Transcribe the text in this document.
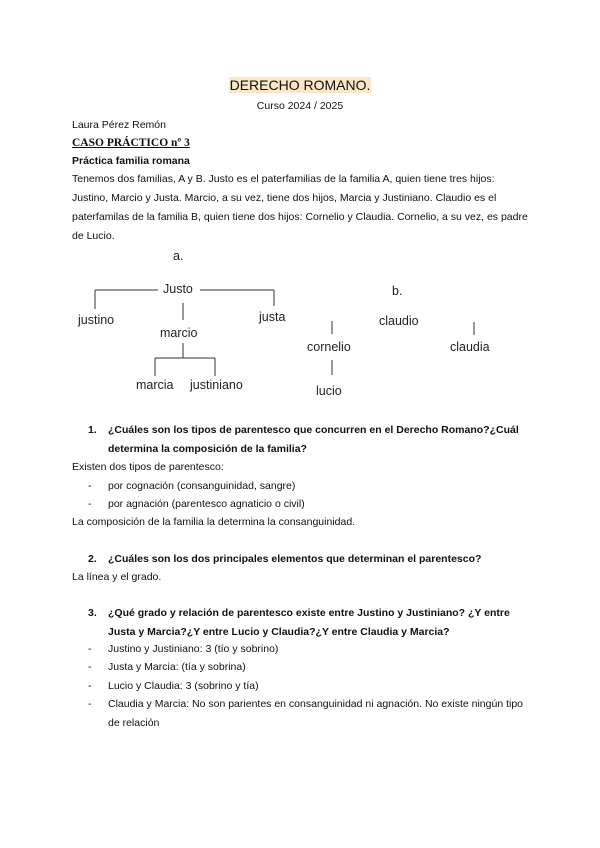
DERECHO ROMANO.
Curso 2024 / 2025
Laura Pérez Remón
CASO PRÁCTICO nº 3
Práctica familia romana
Tenemos dos familias, A y B. Justo es el paterfamilias de la familia A, quien tiene tres hijos: Justino, Marcio y Justa. Marcio, a su vez, tiene dos hijos, Marcia y Justiniano. Claudio es el paterfamilas de la familia B, quien tiene dos hijos: Cornelio y Claudia. Cornelio, a su vez, es padre de Lucio.
a.
Justo	b.
justino	justa
marcio
claudio
cornelio	claudia
marcia justiniano	lucio
1.	¿Cuáles son los tipos de parentesco que concurren en el Derecho Romano?¿Cuál determina la composición de la familia?
Existen dos tipos de parentesco:
-	por cognación (consanguinidad, sangre)
-	por agnación (parentesco agnaticio o civil)
La composición de la familia la determina la consanguinidad.
2.	¿Cuáles son los dos principales elementos que determinan el parentesco?
La línea y el grado.
3.	¿Qué grado y relación de parentesco existe entre Justino y Justiniano? ¿Y entre Justa y Marcia?¿Y entre Lucio y Claudia?¿Y entre Claudia y Marcia?
-	Justino y Justiniano: 3 (tío y sobrino)
-	Justa y Marcia: (tía y sobrina)
-	Lucio y Claudia: 3 (sobrino y tía)
-	Claudia y Marcia: No son parientes en consanguinidad ni agnación. No existe ningún tipo de relación
